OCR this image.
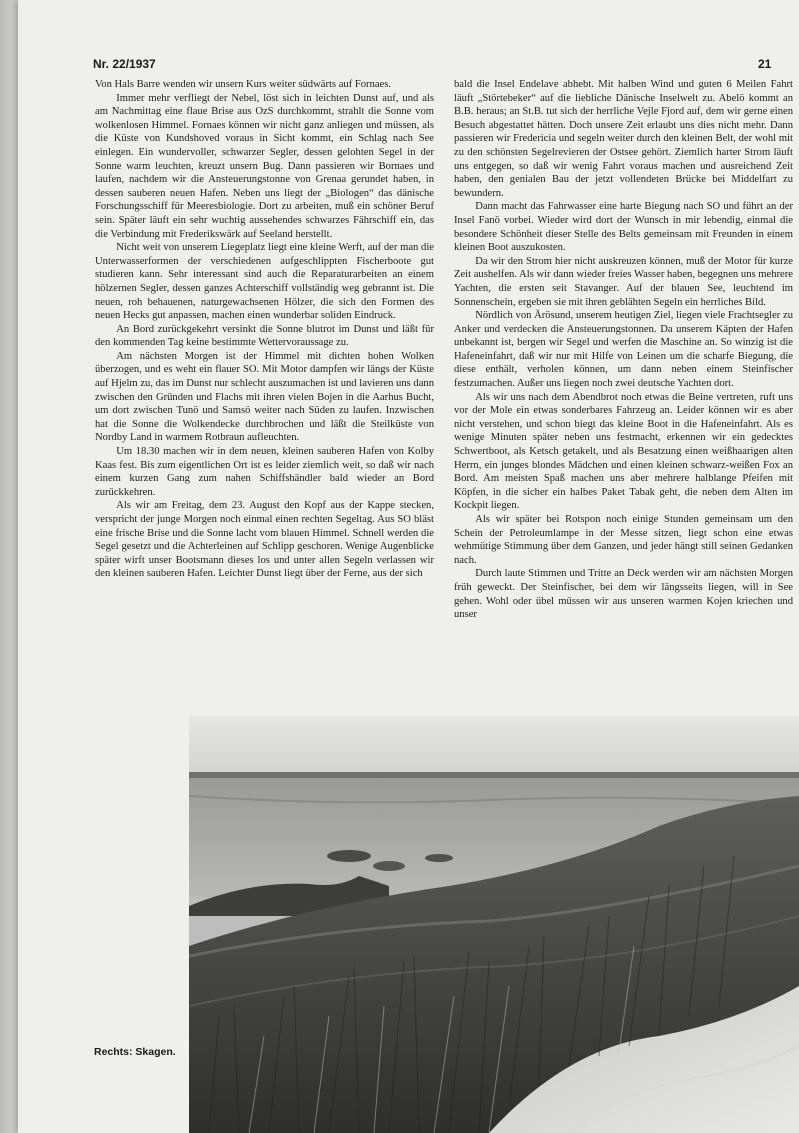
Nr. 22/1937	21

Von Hals Barre wenden wir unsern Kurs weiter südwärts auf Fornaes.

Immer mehr verfliegt der Nebel, löst sich in leichten Dunst auf, und als am Nachmittag eine flaue Brise aus OzS durchkommt, strahlt die Sonne vom wolkenlosen Himmel. Fornaes können wir nicht ganz anliegen und müssen, als die Küste von Kundshoved voraus in Sicht kommt, ein Schlag nach See einlegen. Ein wundervoller, schwarzer Segler, dessen gelohten Segel in der Sonne warm leuchten, kreuzt unsern Bug. Dann passieren wir Bornaes und laufen, nachdem wir die Ansteuerungstonne von Grenaa gerundet haben, in dessen sauberen neuen Hafen. Neben uns liegt der „Biologen“ das dänische Forschungsschiff für Meeresbiologie. Dort zu arbeiten, muß ein schöner Beruf sein. Später läuft ein sehr wuchtig aussehendes schwarzes Fährschiff ein, das die Verbindung mit Frederikswärk auf Seeland herstellt.

Nicht weit von unserem Liegeplatz liegt eine kleine Werft, auf der man die Unterwasserformen der verschiedenen aufgeschlippten Fischerboote gut studieren kann. Sehr interessant sind auch die Reparaturarbeiten an einem hölzernen Segler, dessen ganzes Achterschiff vollständig weg gebrannt ist. Die neuen, roh behauenen, naturgewachsenen Hölzer, die sich den Formen des neuen Hecks gut anpassen, machen einen wunderbar soliden Eindruck.

An Bord zurückgekehrt versinkt die Sonne blutrot im Dunst und läßt für den kommenden Tag keine bestimmte Wettervoraussage zu.

Am nächsten Morgen ist der Himmel mit dichten hohen Wolken überzogen, und es weht ein flauer SO. Mit Motor dampfen wir längs der Küste auf Hjelm zu, das im Dunst nur schlecht auszumachen ist und lavieren uns dann zwischen den Gründen und Flachs mit ihren vielen Bojen in die Aarhus Bucht, um dort zwischen Tunö und Samsö weiter nach Süden zu laufen. Inzwischen hat die Sonne die Wolkendecke durchbrochen und läßt die Steilküste von Nordby Land in warmem Rotbraun aufleuchten.

Um 18.30 machen wir in dem neuen, kleinen sauberen Hafen von Kolby Kaas fest. Bis zum eigentlichen Ort ist es leider ziemlich weit, so daß wir nach einem kurzen Gang zum nahen Schiffshändler bald wieder an Bord zurückkehren.

Als wir am Freitag, dem 23. August den Kopf aus der Kappe stecken, verspricht der junge Morgen noch einmal einen rechten Segeltag. Aus SO bläst eine frische Brise und die Sonne lacht vom blauen Himmel. Schnell werden die Segel gesetzt und die Achterleinen auf Schlipp geschoren. Wenige Augenblicke später wirft unser Bootsmann dieses los und unter allen Segeln verlassen wir den kleinen sauberen Hafen. Leichter Dunst liegt über der Ferne, aus der sich

bald die Insel Endelave abhebt. Mit halben Wind und guten 6 Meilen Fahrt läuft „Störtebeker“ auf die liebliche Dänische Inselwelt zu. Abelö kommt an B.B. heraus; an St.B. tut sich der herrliche Vejle Fjord auf, dem wir gerne einen Besuch abgestattet hätten. Doch unsere Zeit erlaubt uns dies nicht mehr. Dann passieren wir Fredericia und segeln weiter durch den kleinen Belt, der wohl mit zu den schönsten Segelrevieren der Ostsee gehört. Ziemlich harter Strom läuft uns entgegen, so daß wir wenig Fahrt voraus machen und ausreichend Zeit haben, den genialen Bau der jetzt vollendeten Brücke bei Middelfart zu bewundern.

Dann macht das Fahrwasser eine harte Biegung nach SO und führt an der Insel Fanö vorbei. Wieder wird dort der Wunsch in mir lebendig, einmal die besondere Schönheit dieser Stelle des Belts gemeinsam mit Freunden in einem kleinen Boot auszukosten.

Da wir den Strom hier nicht auskreuzen können, muß der Motor für kurze Zeit aushelfen. Als wir dann wieder freies Wasser haben, begegnen uns mehrere Yachten, die ersten seit Stavanger. Auf der blauen See, leuchtend im Sonnenschein, ergeben sie mit ihren geblähten Segeln ein herrliches Bild.

Nördlich von Ärösund, unserem heutigen Ziel, liegen viele Frachtsegler zu Anker und verdecken die Ansteuerungstonnen. Da unserem Käpten der Hafen unbekannt ist, bergen wir Segel und werfen die Maschine an. So winzig ist die Hafeneinfahrt, daß wir nur mit Hilfe von Leinen um die scharfe Biegung, die diese enthält, verholen können, um dann neben einem Steinfischer festzumachen. Außer uns liegen noch zwei deutsche Yachten dort.

Als wir uns nach dem Abendbrot noch etwas die Beine vertreten, ruft uns vor der Mole ein etwas sonderbares Fahrzeug an. Leider können wir es aber nicht verstehen, und schon biegt das kleine Boot in die Hafeneinfahrt. Als es wenige Minuten später neben uns festmacht, erkennen wir ein gedecktes Schwertboot, als Ketsch getakelt, und als Besatzung einen weißhaarigen alten Herrn, ein junges blondes Mädchen und einen kleinen schwarz-weißen Fox an Bord. Am meisten Spaß machen uns aber mehrere halblange Pfeifen mit Köpfen, in die sicher ein halbes Paket Tabak geht, die neben dem Alten im Kockpit liegen.

Als wir später bei Rotspon noch einige Stunden gemeinsam um den Schein der Petroleumlampe in der Messe sitzen, liegt schon eine etwas wehmütige Stimmung über dem Ganzen, und jeder hängt still seinen Gedanken nach.

Durch laute Stimmen und Tritte an Deck werden wir am nächsten Morgen früh geweckt. Der Steinfischer, bei dem wir längsseits liegen, will in See gehen. Wohl oder übel müssen wir aus unseren warmen Kojen kriechen und unser

Rechts: Skagen.
